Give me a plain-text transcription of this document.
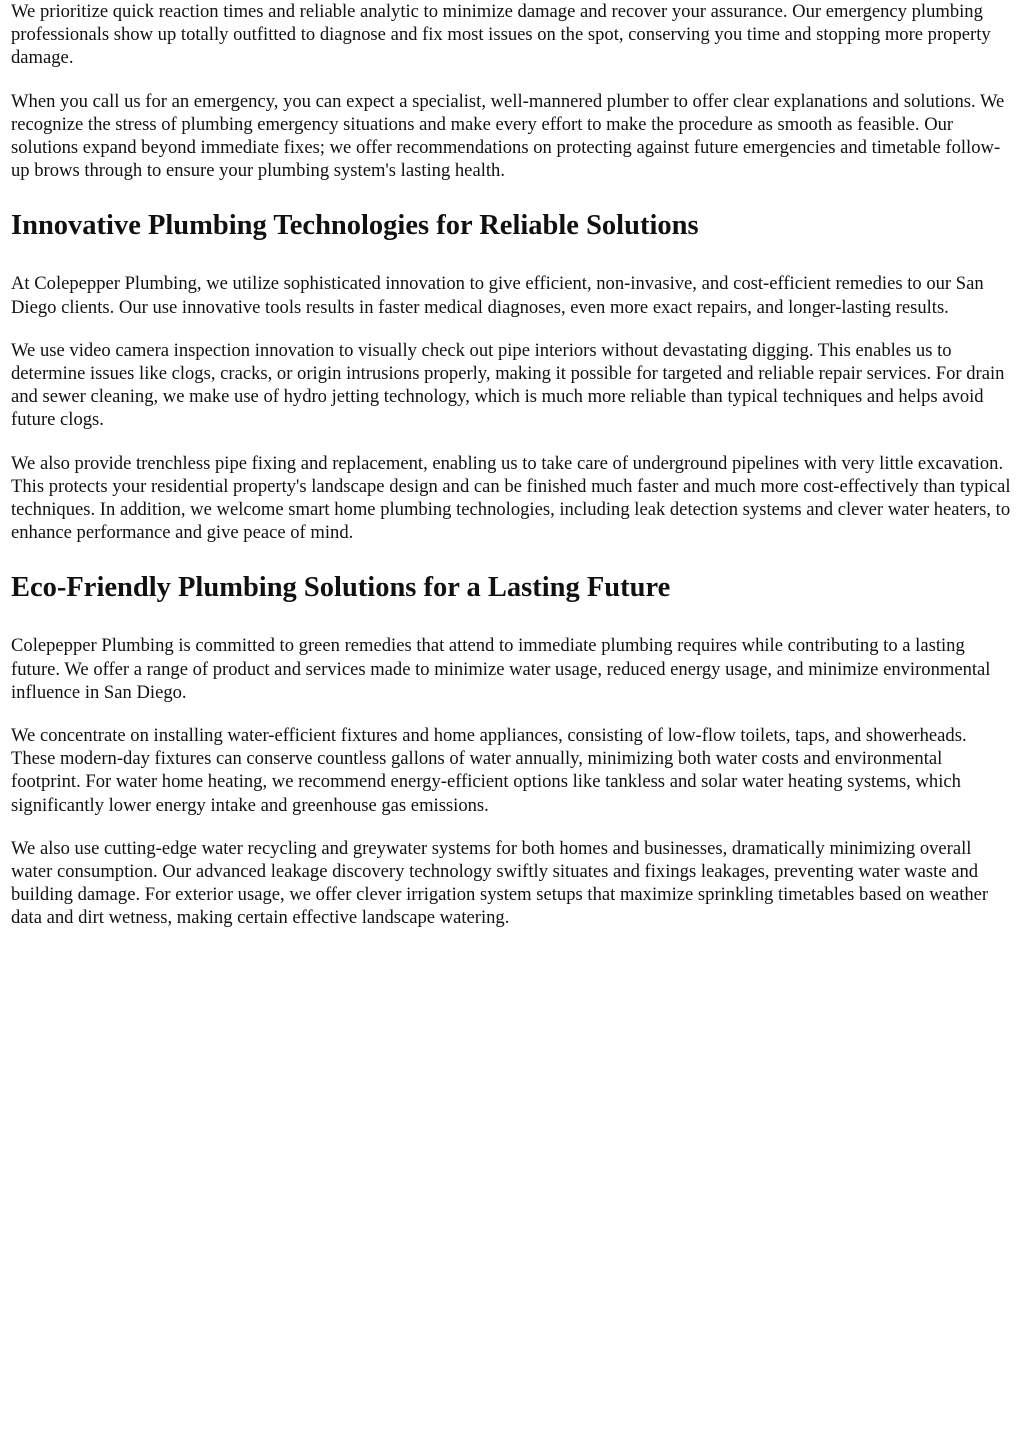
We prioritize quick reaction times and reliable analytic to minimize damage and recover your assurance. Our emergency plumbing professionals show up totally outfitted to diagnose and fix most issues on the spot, conserving you time and stopping more property damage.

When you call us for an emergency, you can expect a specialist, well-mannered plumber to offer clear explanations and solutions. We recognize the stress of plumbing emergency situations and make every effort to make the procedure as smooth as feasible. Our solutions expand beyond immediate fixes; we offer recommendations on protecting against future emergencies and timetable follow-up brows through to ensure your plumbing system's lasting health.

Innovative Plumbing Technologies for Reliable Solutions

At Colepepper Plumbing, we utilize sophisticated innovation to give efficient, non-invasive, and cost-efficient remedies to our San Diego clients. Our use innovative tools results in faster medical diagnoses, even more exact repairs, and longer-lasting results.

We use video camera inspection innovation to visually check out pipe interiors without devastating digging. This enables us to determine issues like clogs, cracks, or origin intrusions properly, making it possible for targeted and reliable repair services. For drain and sewer cleaning, we make use of hydro jetting technology, which is much more reliable than typical techniques and helps avoid future clogs.

We also provide trenchless pipe fixing and replacement, enabling us to take care of underground pipelines with very little excavation. This protects your residential property's landscape design and can be finished much faster and much more cost-effectively than typical techniques. In addition, we welcome smart home plumbing technologies, including leak detection systems and clever water heaters, to enhance performance and give peace of mind.

Eco-Friendly Plumbing Solutions for a Lasting Future

Colepepper Plumbing is committed to green remedies that attend to immediate plumbing requires while contributing to a lasting future. We offer a range of product and services made to minimize water usage, reduced energy usage, and minimize environmental influence in San Diego.

We concentrate on installing water-efficient fixtures and home appliances, consisting of low-flow toilets, taps, and showerheads. These modern-day fixtures can conserve countless gallons of water annually, minimizing both water costs and environmental footprint. For water home heating, we recommend energy-efficient options like tankless and solar water heating systems, which significantly lower energy intake and greenhouse gas emissions.

We also use cutting-edge water recycling and greywater systems for both homes and businesses, dramatically minimizing overall water consumption. Our advanced leakage discovery technology swiftly situates and fixings leakages, preventing water waste and building damage. For exterior usage, we offer clever irrigation system setups that maximize sprinkling timetables based on weather data and dirt wetness, making certain effective landscape watering.
